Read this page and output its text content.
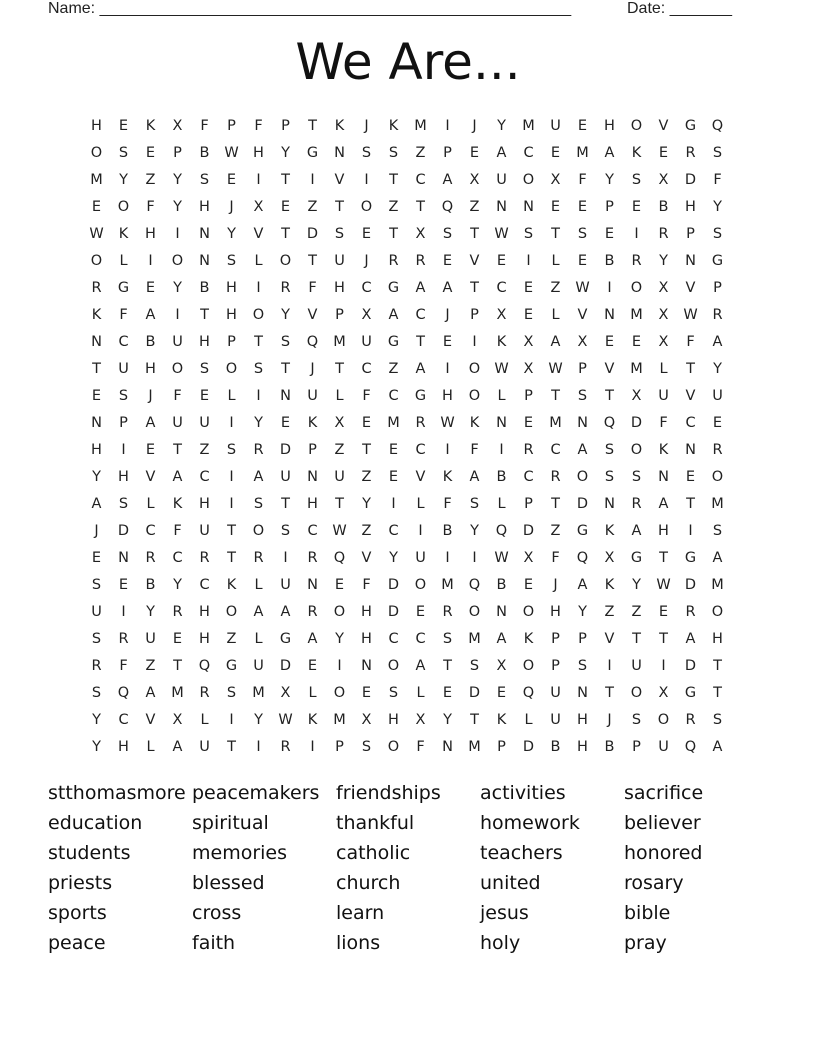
Name: _____________________________________________________	Date: _______
We Are...
H	E	K	X	F	P	F	P	T	K	J	K	M	I	J	Y	M	U	E	H	O	V	G	Q
O	S	E	P	B	W H	Y	G	N	S	S	Z	P	E	A	C	E	M	A	K	E	R	S
M	Y	Z	Y	S	E	I	T	I	V	I	T	C	A	X	U	O	X	F	Y	S	X	D	F
E	O	F	Y	H	J	X	E	Z	T	O	Z	T	Q	Z	N	N	E	E	P	E	B	H	Y
W	K	H	I	N	Y	V	T	D	S	E	T	X	S	T	W	S	T	S	E	I	R	P	S
O	L	I	O	N	S	L	O	T	U	J	R	R	E	V	E	I	L	E	B	R	Y	N	G
R	G	E	Y	B	H	I	R	F	H	C	G	A	A	T	C	E	Z	W	I	O	X	V	P
K	F	A	I	T	H	O	Y	V	P	X	A	C	J	P	X	E	L	V	N	M	X	W	R
N	C	B	U	H	P	T	S	Q	M	U	G	T	E	I	K	X	A	X	E	E	X	F	A
T	U	H	O	S	O	S	T	J	T	C	Z	A	I	O W	X	W	P	V	M	L	T	Y
E	S	J	F	E	L	I	N	U	L	F	C	G	H	O	L	P	T	S	T	X	U	V	U
N	P	A	U	U	I	Y	E	K	X	E	M	R	W	K	N	E	M	N	Q	D	F	C	E
H	I	E	T	Z	S	R	D	P	Z	T	E	C	I	F	I	R	C	A	S	O	K	N	R
Y	H	V	A	C	I	A	U	N	U	Z	E	V	K	A	B	C	R	O	S	S	N	E	O
A	S	L	K	H	I	S	T	H	T	Y	I	L	F	S	L	P	T	D	N	R	A	T	M
J	D	C	F	U	T	O	S	C	W	Z	C	I	B	Y	Q	D	Z	G	K	A	H	I	S
E	N	R	C	R	T	R	I	R	Q	V	Y	U	I	I	W	X	F	Q	X	G	T	G	A
S	E	B	Y	C	K	L	U	N	E	F	D	O	M	Q	B	E	J	A	K	Y	W D	M
U	I	Y	R	H	O	A	A	R	O	H	D	E	R	O	N	O	H	Y	Z	Z	E	R	O
S	R	U	E	H	Z	L	G	A	Y	H	C	C	S	M	A	K	P	P	V	T	T	A	H
R	F	Z	T	Q	G	U	D	E	I	N	O	A	T	S	X	O	P	S	I	U	I	D	T
S	Q	A	M	R	S	M	X	L	O	E	S	L	E	D	E	Q	U	N	T	O	X	G	T
Y	C	V	X	L	I	Y	W	K	M	X	H	X	Y	T	K	L	U	H	J	S	O	R	S
Y	H	L	A	U	T	I	R	I	P	S	O	F	N	M	P	D	B	H	B	P	U	Q	A
stthomasmore peacemakers friendships	activities	sacrifice
education	spiritual	thankful	homework	believer
students	memories	catholic	teachers	honored
priests	blessed	church	united	rosary
sports	cross	learn	jesus	bible
peace	faith	lions	holy	pray
